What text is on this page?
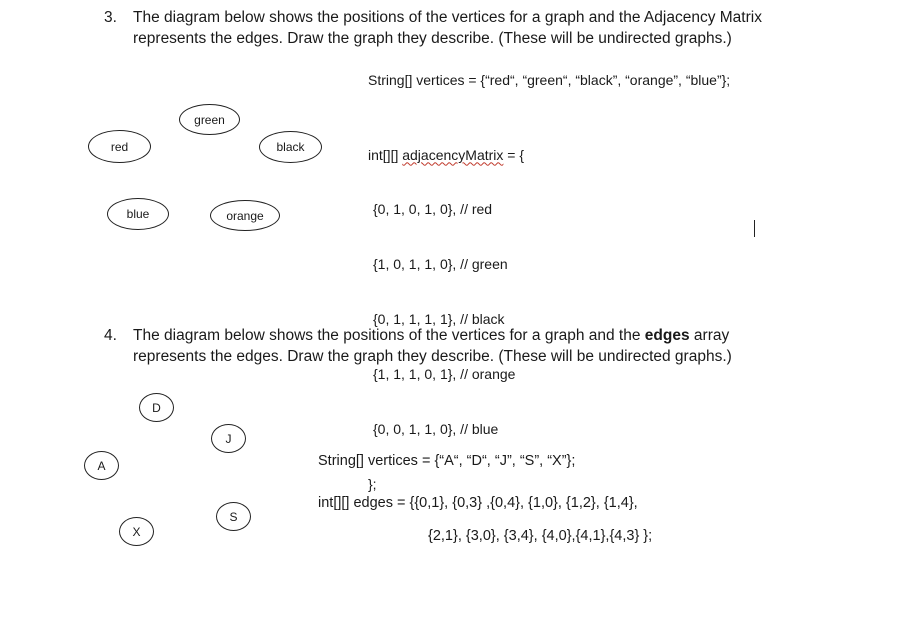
3. The diagram below shows the positions of the vertices for a graph and the Adjacency Matrix
represents the edges. Draw the graph they describe. (These will be undirected graphs.)
green
red	black
blue	orange
String[] vertices = {“red“, “green“, “black”, “orange”, “blue”};

int[][] adjacencyMatrix = {

{0, 1, 0, 1, 0}, // red

{1, 0, 1, 1, 0}, // green

{0, 1, 1, 1, 1}, // black

{1, 1, 1, 0, 1}, // orange

{0, 0, 1, 1, 0}, // blue

};

4. The diagram below shows the positions of the vertices for a graph and the edges array
represents the edges. Draw the graph they describe. (These will be undirected graphs.)
D
J
A
S
X
String[] vertices = {“A“, “D“, “J”, “S”, “X”};
int[][] edges = {{0,1}, {0,3} ,{0,4}, {1,0}, {1,2}, {1,4},
{2,1}, {3,0}, {3,4}, {4,0},{4,1},{4,3} };
